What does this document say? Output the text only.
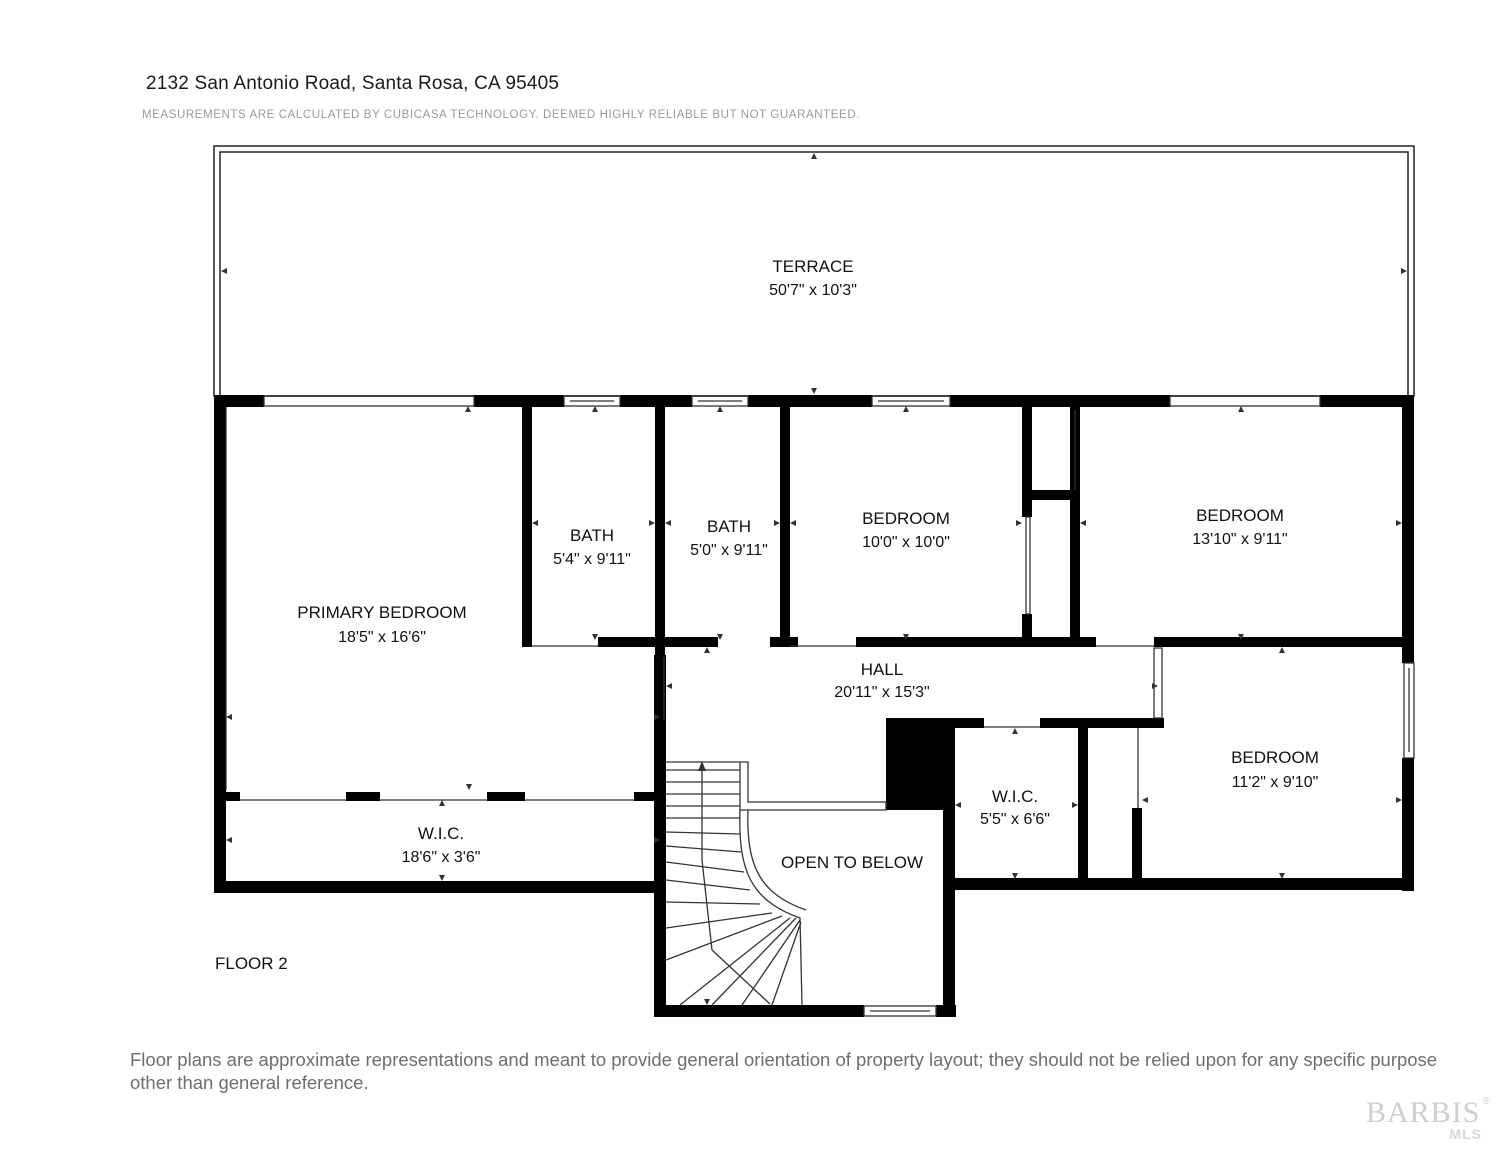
2132 San Antonio Road, Santa Rosa, CA 95405
MEASUREMENTS ARE CALCULATED BY CUBICASA TECHNOLOGY. DEEMED HIGHLY RELIABLE BUT NOT GUARANTEED.
TERRACE
50'7" x 10'3"
PRIMARY BEDROOM
18'5" x 16'6"
BATH
5'4" x 9'11"
BATH
5'0" x 9'11"
BEDROOM
10'0" x 10'0"
BEDROOM
13'10" x 9'11"
HALL
20'11" x 15'3"
W.I.C.
18'6" x 3'6"
W.I.C.
5'5" x 6'6"
BEDROOM
11'2" x 9'10"
OPEN TO BELOW
FLOOR 2
Floor plans are approximate representations and meant to provide general orientation of property layout; they should not be relied upon for any specific purpose other than general reference.
BARBIS
MLS
®
